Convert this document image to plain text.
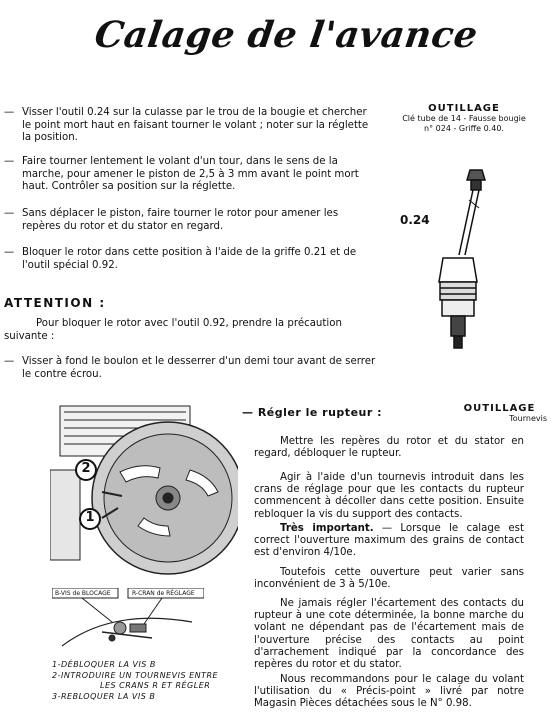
Calage de l'avance
— Visser l'outil 0.24 sur la culasse par le trou de la bougie et chercher le point mort haut en faisant tourner le volant ; noter sur la réglette la position.
— Faire tourner lentement le volant d'un tour, dans le sens de la marche, pour amener le piston de 2,5 à 3 mm avant le point mort haut. Contrôler sa position sur la réglette.
— Sans déplacer le piston, faire tourner le rotor pour amener les repères du rotor et du stator en regard.
— Bloquer le rotor dans cette position à l'aide de la griffe 0.21 et de l'outil spécial 0.92.
OUTILLAGE
Clé tube de 14 - Fausse bougie
n° 024 - Griffe 0.40.
0.24
ATTENTION :
Pour bloquer le rotor avec l'outil 0.92, prendre la précaution suivante :
— Visser à fond le boulon et le desserrer d'un demi tour avant de serrer le contre écrou.
— Régler le rupteur :	OUTILLAGE
Tournevis
Mettre les repères du rotor et du stator en regard, débloquer le rupteur.
Agir à l'aide d'un tournevis introduit dans les crans de réglage pour que les contacts du rupteur commencent à décoller dans cette position. Ensuite rebloquer la vis du support des contacts.
Très important. — Lorsque le calage est correct l'ouverture maximum des grains de contact est d'environ 4/10e.
Toutefois cette ouverture peut varier sans inconvénient de 3 à 5/10e.
Ne jamais régler l'écartement des contacts du rupteur à une cote déterminée, la bonne marche du volant ne dépendant pas de l'écartement mais de l'ouverture précise des contacts au point d'arrachement indiqué par la concordance des repères du rotor et du stator.
Nous recommandons pour le calage du volant l'utilisation du « Précis-point » livré par notre Magasin Pièces détachées sous le N° 0.98.
2
1
B-VIS de BLOCAGE	R-CRAN de RÉGLAGE
1-DÉBLOQUER LA VIS B
2-INTRODUIRE UN TOURNEVIS ENTRE
LES CRANS R ET RÉGLER
3-REBLOQUER LA VIS B
